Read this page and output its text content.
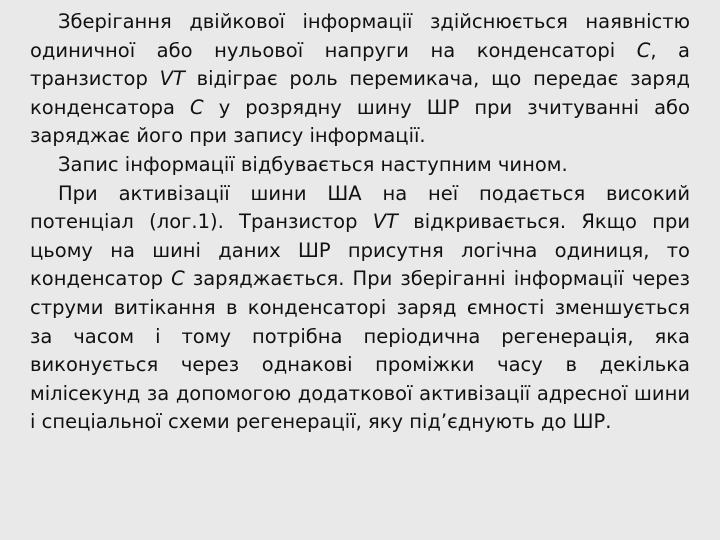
Зберігання двійкової інформації здійснюється наявністю одиничної або нульової напруги на конденсаторі С, а транзистор VT відіграє роль перемикача, що передає заряд конденсатора С у розрядну шину ШР при зчитуванні або заряджає його при запису інформації.

Запис інформації відбувається наступним чином.

При активізації шини ША на неї подається високий потенціал (лог.1). Транзистор VT відкривається. Якщо при цьому на шині даних ШР присутня логічна одиниця, то конденсатор С заряджається. При зберіганні інформації через струми витікання в конденсаторі заряд ємності зменшується за часом і тому потрібна періодична регенерація, яка виконується через однакові проміжки часу в декілька мілісекунд за допомогою додаткової активізації адресної шини і спеціальної схеми регенерації, яку під’єднують до ШР.
